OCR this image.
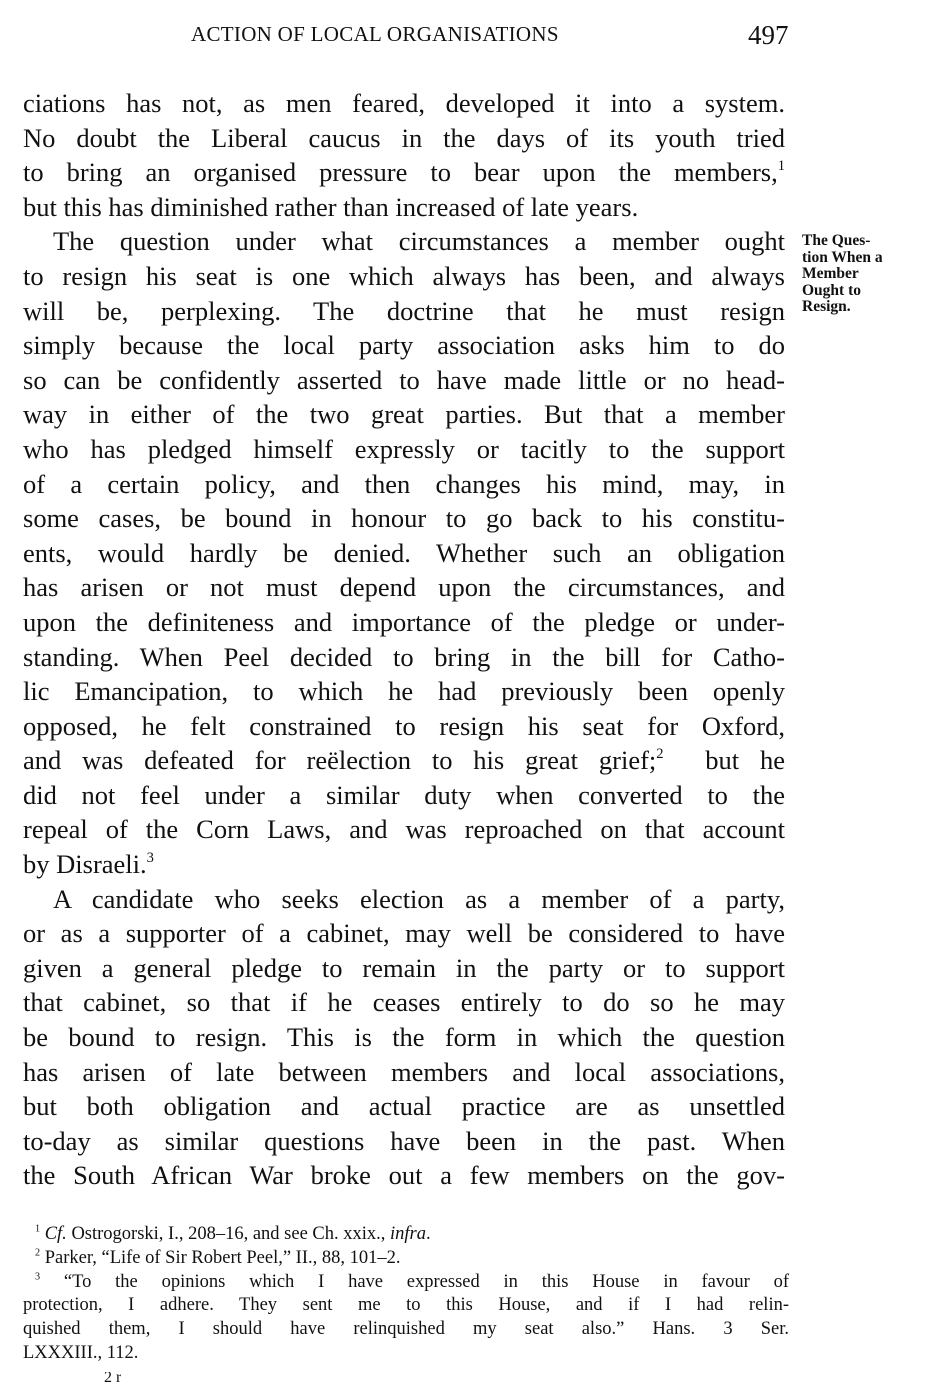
ACTION OF LOCAL ORGANISATIONS	497
The Ques-
tion When a
Member
Ought to
Resign.

ciations has not, as men feared, developed it into a system.
No doubt the Liberal caucus in the days of its youth tried
to bring an organised pressure to bear upon the members,$^1$
but this has diminished rather than increased of late years.

The question under what circumstances a member ought
to resign his seat is one which always has been, and always
will be, perplexing. The doctrine that he must resign
simply because the local party association asks him to do
so can be confidently asserted to have made little or no head-
way in either of the two great parties. But that a member
who has pledged himself expressly or tacitly to the support
of a certain policy, and then changes his mind, may, in
some cases, be bound in honour to go back to his constitu-
ents, would hardly be denied. Whether such an obligation
has arisen or not must depend upon the circumstances, and
upon the definiteness and importance of the pledge or under-
standing. When Peel decided to bring in the bill for Catho-
lic Emancipation, to which he had previously been openly
opposed, he felt constrained to resign his seat for Oxford,
and was defeated for reëlection to his great grief;$^2$ but he
did not feel under a similar duty when converted to the
repeal of the Corn Laws, and was reproached on that account
by Disraeli.$^3$

A candidate who seeks election as a member of a party,
or as a supporter of a cabinet, may well be considered to have
given a general pledge to remain in the party or to support
that cabinet, so that if he ceases entirely to do so he may
be bound to resign. This is the form in which the question
has arisen of late between members and local associations,
but both obligation and actual practice are as unsettled
to-day as similar questions have been in the past. When
the South African War broke out a few members on the gov-

$^1$ Cf. Ostrogorski, I., 208–16, and see Ch. xxix., infra.
$^2$ Parker, “Life of Sir Robert Peel,” II., 88, 101–2.
$^3$ “To the opinions which I have expressed in this House in favour of
protection, I adhere. They sent me to this House, and if I had relin-
quished them, I should have relinquished my seat also.” Hans. 3 Ser.
LXXXIII., 112.
2 r
